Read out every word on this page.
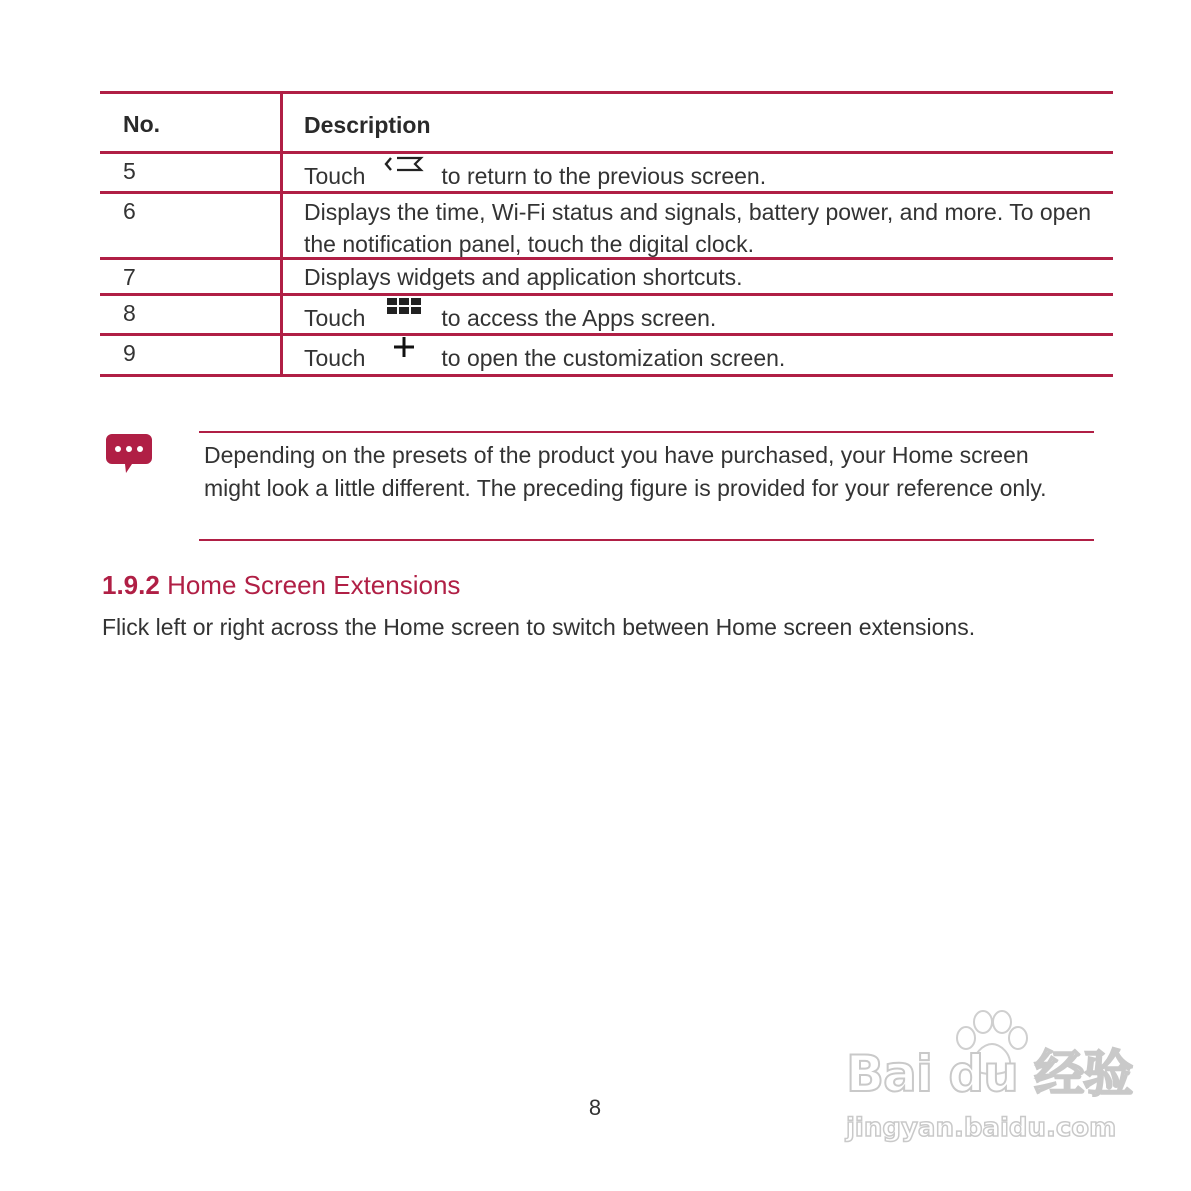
No.	Description
5	Touch	to return to the previous screen.
6	Displays the time, Wi-Fi status and signals, battery power, and more. To open the notification panel, touch the digital clock.
7	Displays widgets and application shortcuts.
8	Touch	to access the Apps screen.
9	Touch	to open the customization screen.
Depending on the presets of the product you have purchased, your Home screen might look a little different. The preceding figure is provided for your reference only.
1.9.2 Home Screen Extensions
Flick left or right across the Home screen to switch between Home screen extensions.
8
Bai du 经验
jingyan.baidu.com
